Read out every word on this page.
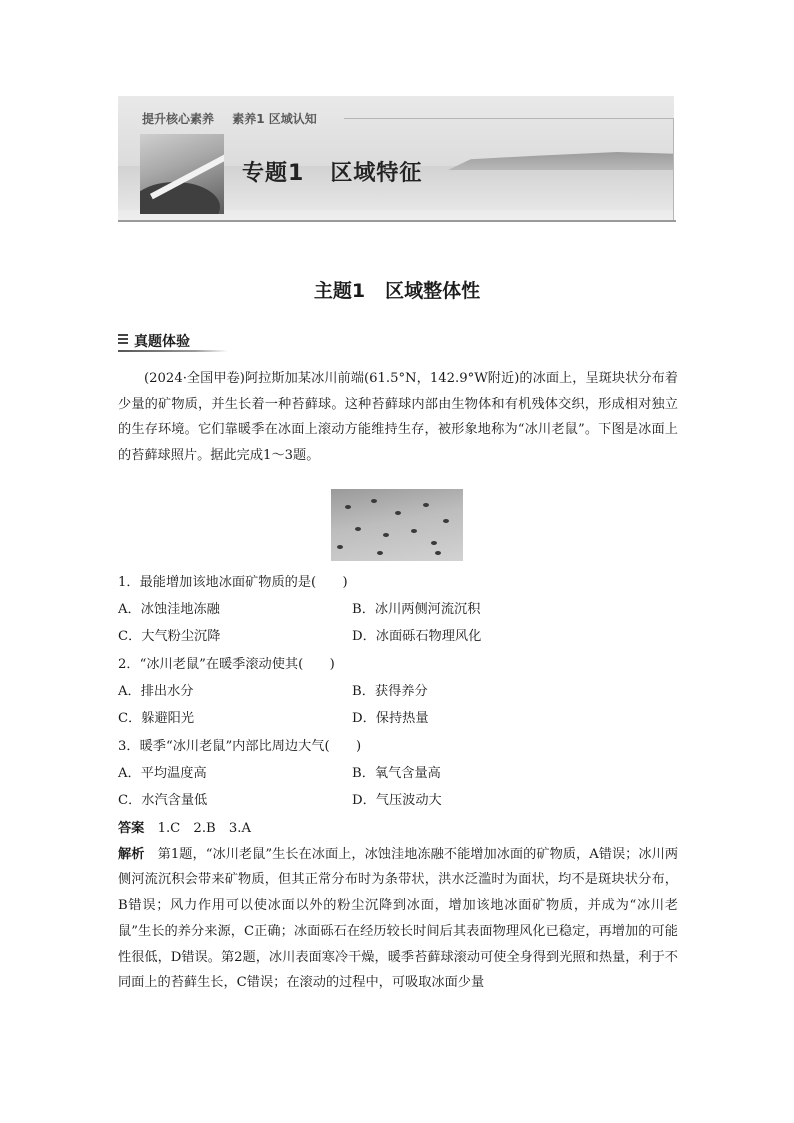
提升核心素养 素养1 区域认知
专题1 区域特征
主题1 区域整体性
真题体验
(2024·全国甲卷)阿拉斯加某冰川前端(61.5°N，142.9°W附近)的冰面上，呈斑块状分布着少量的矿物质，并生长着一种苔藓球。这种苔藓球内部由生物体和有机残体交织，形成相对独立的生存环境。它们靠暖季在冰面上滚动方能维持生存，被形象地称为“冰川老鼠”。下图是冰面上的苔藓球照片。据此完成1～3题。
1．最能增加该地冰面矿物质的是(　　)
A．冰蚀洼地冻融	B．冰川两侧河流沉积
C．大气粉尘沉降	D．冰面砾石物理风化
2．“冰川老鼠”在暖季滚动使其(　　)
A．排出水分	B．获得养分
C．躲避阳光	D．保持热量
3．暖季“冰川老鼠”内部比周边大气(　　)
A．平均温度高	B．氧气含量高
C．水汽含量低	D．气压波动大
答案　 1.C　2.B　3.A
解析　 第1题，“冰川老鼠”生长在冰面上，冰蚀洼地冻融不能增加冰面的矿物质，A错误；冰川两侧河流沉积会带来矿物质，但其正常分布时为条带状，洪水泛滥时为面状，均不是斑块状分布，B错误；风力作用可以使冰面以外的粉尘沉降到冰面，增加该地冰面矿物质，并成为“冰川老鼠”生长的养分来源，C正确；冰面砾石在经历较长时间后其表面物理风化已稳定，再增加的可能性很低，D错误。第2题，冰川表面寒冷干燥，暖季苔藓球滚动可使全身得到光照和热量，利于不同面上的苔藓生长，C错误；在滚动的过程中，可吸取冰面少量
